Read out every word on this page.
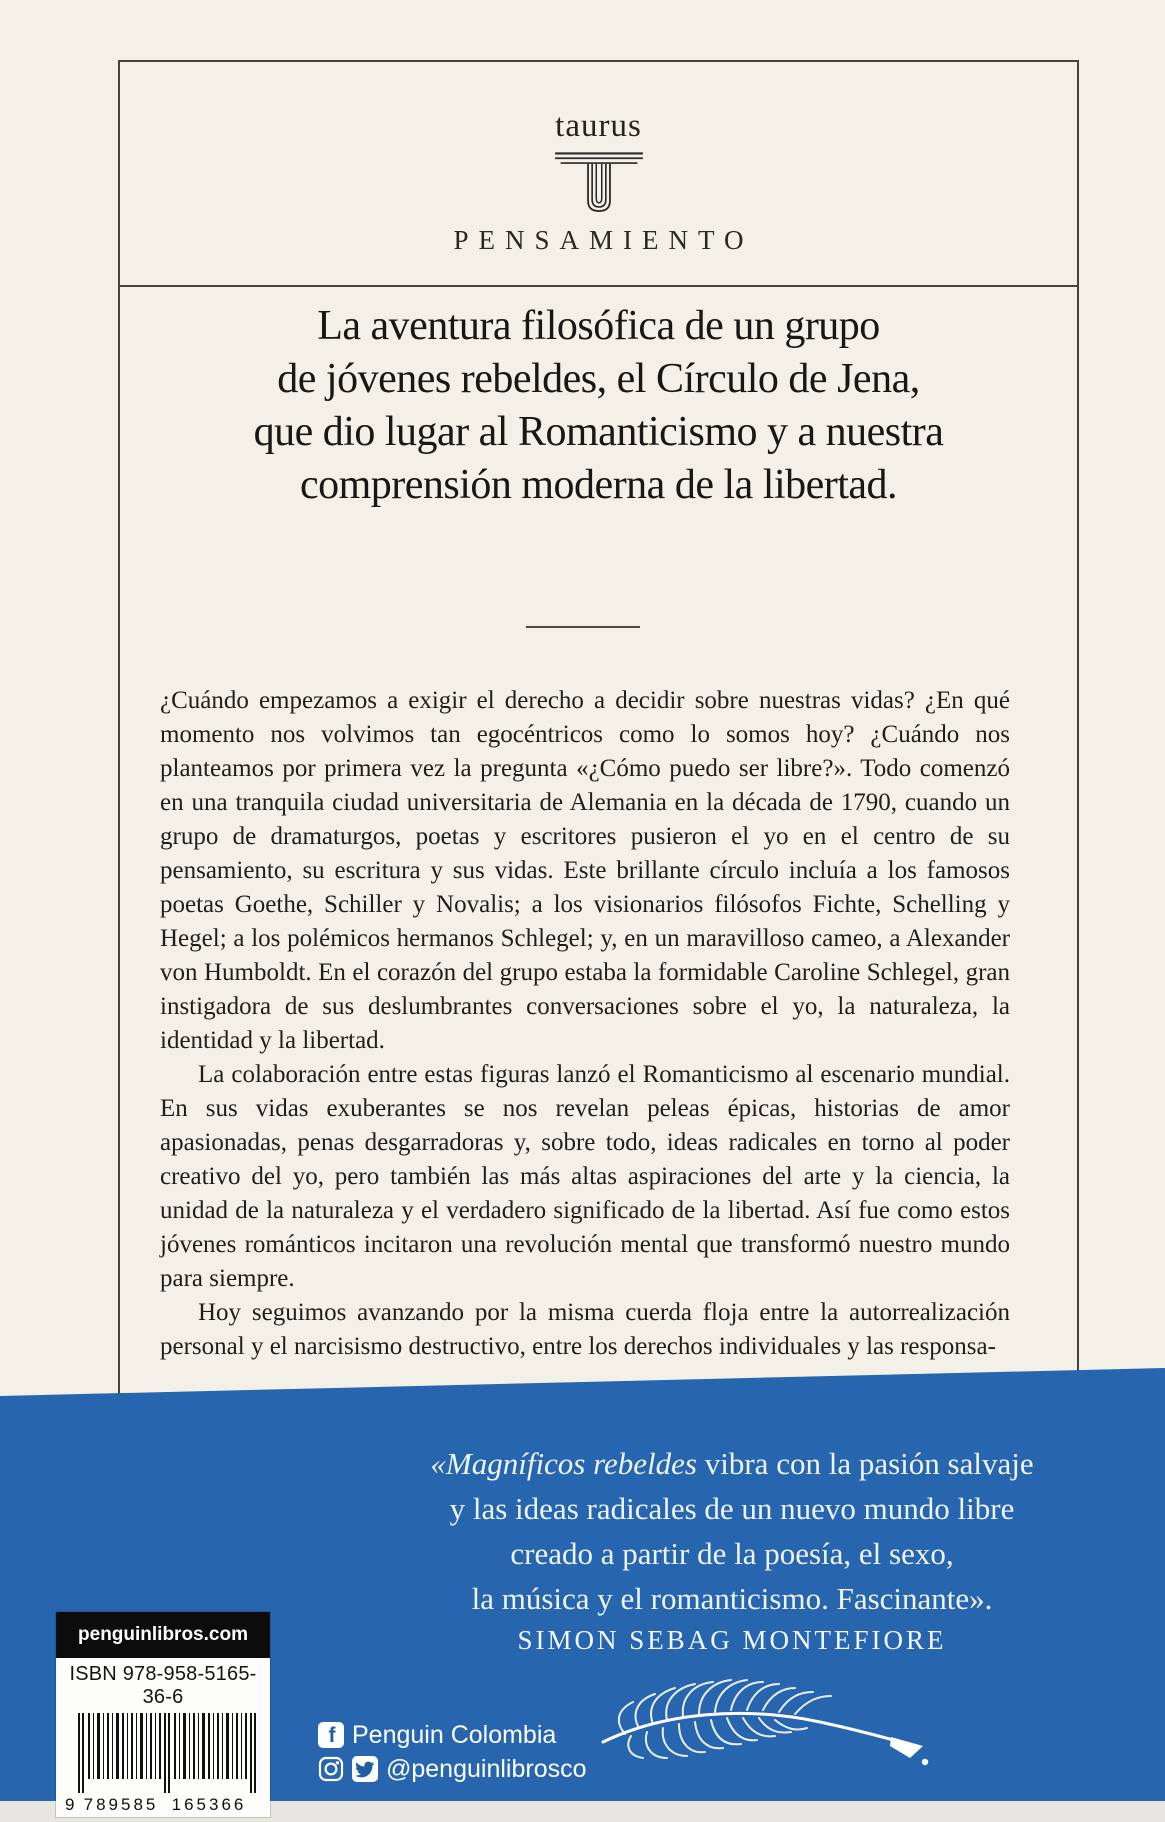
taurus
PENSAMIENTO
La aventura filosófica de un grupo
de jóvenes rebeldes, el Círculo de Jena,
que dio lugar al Romanticismo y a nuestra
comprensión moderna de la libertad.

¿Cuándo empezamos a exigir el derecho a decidir sobre nuestras vidas? ¿En qué momento nos volvimos tan egocéntricos como lo somos hoy? ¿Cuándo nos planteamos por primera vez la pregunta «¿Cómo puedo ser libre?». Todo comenzó en una tranquila ciudad universitaria de Alemania en la década de 1790, cuando un grupo de dramaturgos, poetas y escritores pusieron el yo en el centro de su pensamiento, su escritura y sus vidas. Este brillante círculo incluía a los famosos poetas Goethe, Schiller y Novalis; a los visionarios filósofos Fichte, Schelling y Hegel; a los polémicos hermanos Schlegel; y, en un maravilloso cameo, a Alexander von Humboldt. En el corazón del grupo estaba la formidable Caroline Schlegel, gran instigadora de sus deslumbrantes conversaciones sobre el yo, la naturaleza, la identidad y la libertad.

La colaboración entre estas figuras lanzó el Romanticismo al escenario mundial. En sus vidas exuberantes se nos revelan peleas épicas, historias de amor apasionadas, penas desgarradoras y, sobre todo, ideas radicales en torno al poder creativo del yo, pero también las más altas aspiraciones del arte y la ciencia, la unidad de la naturaleza y el verdadero significado de la libertad. Así fue como estos jóvenes románticos incitaron una revolución mental que transformó nuestro mundo para siempre.

Hoy seguimos avanzando por la misma cuerda floja entre la autorrealización personal y el narcisismo destructivo, entre los derechos individuales y las responsa-

«Magníficos rebeldes vibra con la pasión salvaje
y las ideas radicales de un nuevo mundo libre
creado a partir de la poesía, el sexo,
la música y el romanticismo. Fascinante».
SIMON SEBAG MONTEFIORE
penguinlibros.com
ISBN 978-958-5165-36-6
9 789585 165366
f Penguin Colombia
@penguinlibrosco
